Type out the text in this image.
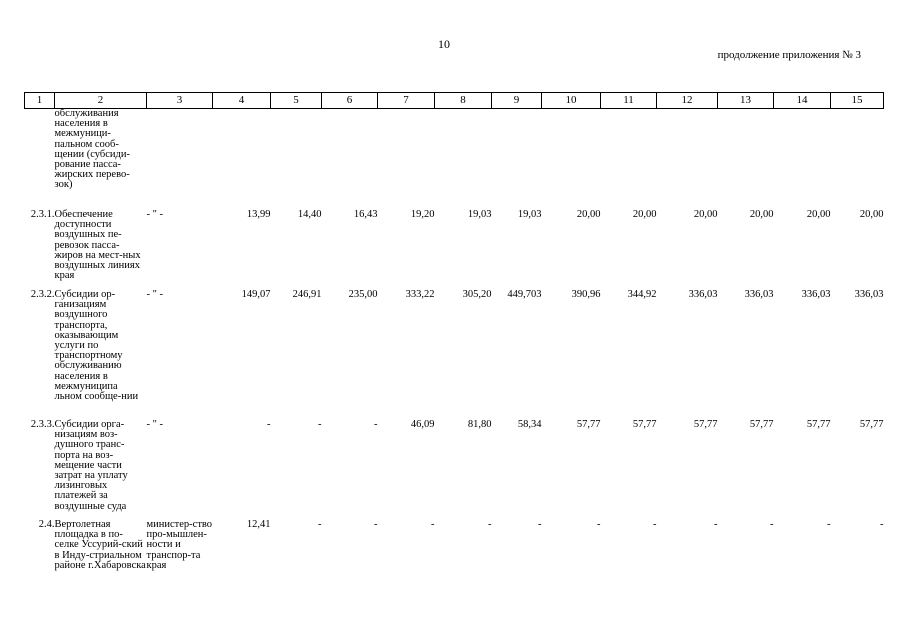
10
продолжение приложения № 3
1	2	3	4	5	6	7	8	9	10	11	12	13	14	15
	обслуживания населения в межмуници-пальном сооб-щении (субсиди-рование пасса-жирских перево-зок)													
2.3.1.	Обеспечение доступности воздушных пе-ревозок пасса-жиров на мест-ных воздушных линиях края	- " -	13,99	14,40	16,43	19,20	19,03	19,03	20,00	20,00	20,00	20,00	20,00	20,00
2.3.2.	Субсидии ор-ганизациям воздушного транспорта, оказывающим услуги по транспортному обслуживанию населения в межмуниципа льном сообще-нии	- " -	149,07	246,91	235,00	333,22	305,20	449,703	390,96	344,92	336,03	336,03	336,03	336,03
2.3.3.	Субсидии орга-низациям воз-душного транс-порта на воз-мещение части затрат на уплату лизинговых платежей за воздушные суда	- " -	-	-	-	46,09	81,80	58,34	57,77	57,77	57,77	57,77	57,77	57,77
2.4.	Вертолетная площадка в по-селке Уссурий-ский в Инду-стриальном районе г.Хабаровска	министер-ство про-мышлен-ности и транспор-та края	12,41	-	-	-	-	-	-	-	-	-	-	-
